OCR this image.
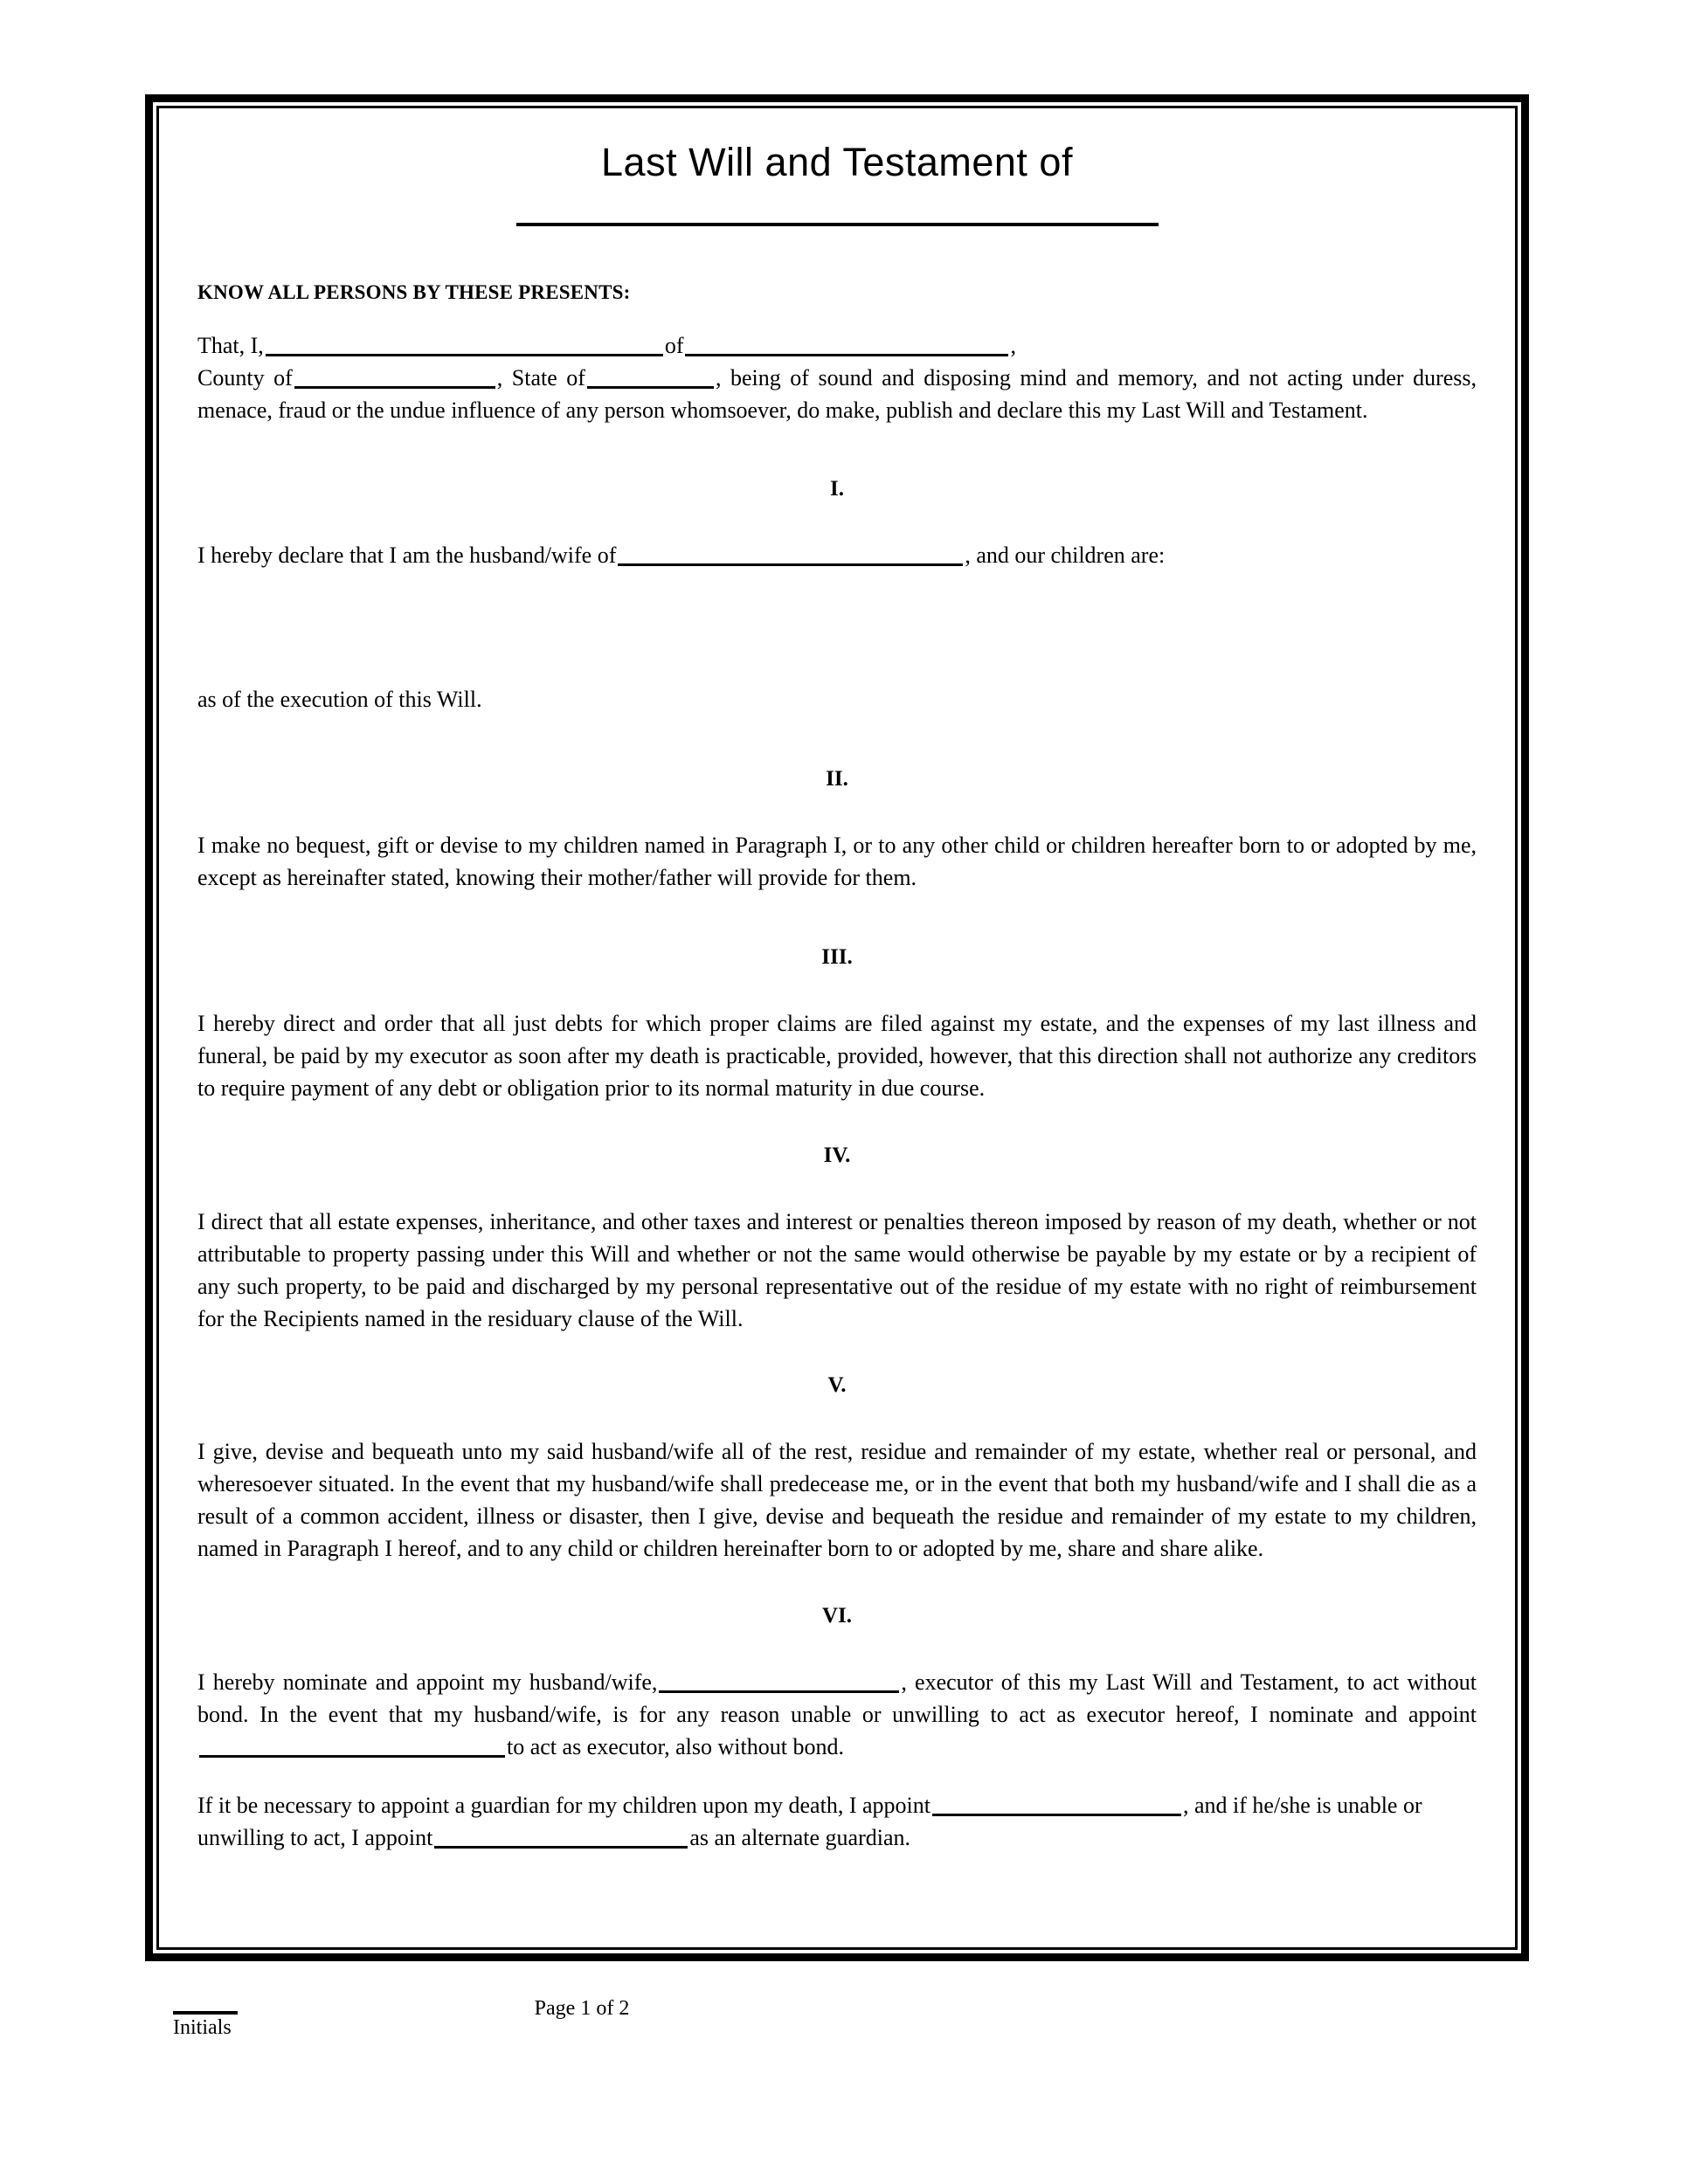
Last Will and Testament of
KNOW ALL PERSONS BY THESE PRESENTS:

That, I,	of	,
County of	, State of	, being of sound and disposing mind and memory, and not acting under duress, menace, fraud or the undue influence of any person whomsoever, do make, publish and declare this my Last Will and Testament.

I.

I hereby declare that I am the husband/wife of	, and our children are:

as of the execution of this Will.

II.

I make no bequest, gift or devise to my children named in Paragraph I, or to any other child or children hereafter born to or adopted by me, except as hereinafter stated, knowing their mother/father will provide for them.

III.

I hereby direct and order that all just debts for which proper claims are filed against my estate, and the expenses of my last illness and funeral, be paid by my executor as soon after my death is practicable, provided, however, that this direction shall not authorize any creditors to require payment of any debt or obligation prior to its normal maturity in due course.

IV.

I direct that all estate expenses, inheritance, and other taxes and interest or penalties thereon imposed by reason of my death, whether or not attributable to property passing under this Will and whether or not the same would otherwise be payable by my estate or by a recipient of any such property, to be paid and discharged by my personal representative out of the residue of my estate with no right of reimbursement for the Recipients named in the residuary clause of the Will.

V.

I give, devise and bequeath unto my said husband/wife all of the rest, residue and remainder of my estate, whether real or personal, and wheresoever situated. In the event that my husband/wife shall predecease me, or in the event that both my husband/wife and I shall die as a result of a common accident, illness or disaster, then I give, devise and bequeath the residue and remainder of my estate to my children, named in Paragraph I hereof, and to any child or children hereinafter born to or adopted by me, share and share alike.

VI.

I hereby nominate and appoint my husband/wife,	, executor of this my Last Will and Testament, to act without bond. In the event that my husband/wife, is for any reason unable or unwilling to act as executor hereof, I nominate and appointto act as executor, also without bond.

If it be necessary to appoint a guardian for my children upon my death, I appoint	, and if he/she is unable or unwilling to act, I appoint	as an alternate guardian.

Page 1 of 2
Initials
